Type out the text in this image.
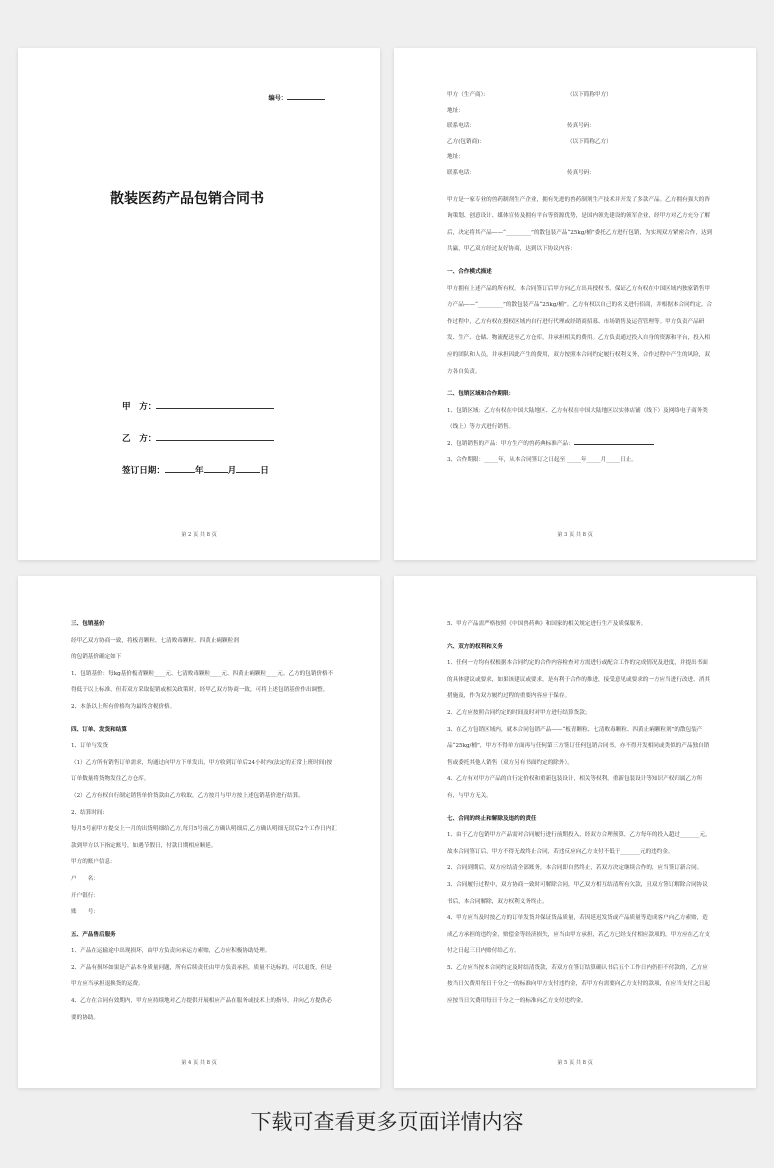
编号：
散装医药产品包销合同书
甲　方：
乙　方：
签订日期：	年	月	日
第 2 页 共 8 页
甲方（生产商）：	（以下简称甲方）
地址：
联系电话：	传真号码：
乙方(包销商)：	（以下简称乙方）
地址：
联系电话：	传真号码：

甲方是一家专业的兽药制剂生产企业，拥有先进的兽药制剂生产技术并开发了多款产品。乙方拥有强大的咨询策划、创意设计、媒体宣传及拥有平台等资源优势，是国内领先建设的领军企业，经甲方对乙方充分了解后，决定将其产品——“_________”的散包装产品“25kg/桶”委托乙方进行包销，为实现双方紧密合作，达到共赢，甲乙双方经过友好协商，达到以下协议内容：

一、合作模式描述

甲方拥有上述产品的所有权。本合同签订后甲方向乙方出具授权书，保证乙方有权在中国区域内独家销售甲方产品——“_________”的散包装产品“25kg/桶”。乙方有权以自己的名义进行招商，并根据本合同约定，合作过程中，乙方有权在授权区域内自行进行代理或经销商招募、市场销售及运营管理等。甲方负责产品研发、生产、仓储、物流配送至乙方仓库，并承担相关的费用。乙方负责通过投入自身的资源和平台，投入相应的团队和人员，并承担因此产生的费用，双方按照本合同约定履行权利义务，合作过程中产生的风险，双方各自负责。

二、包销区域和合作期限：

1、包销区域：乙方有权在中国大陆地区、乙方有权在中国大陆地区以实体店铺（线下）及网络电子商务类（线上）等方式进行销售。

2、包销销售的产品：甲方生产的兽药典标准产品：

3、合作期限：_____年，从本合同签订之日起至 _____年_____月_____日止。

第 3 页 共 8 页

三、包销基价

经甲乙双方协商一致，将板青颗粒、七清败毒颗粒、四黄止痢颗粒剂

的包销基价确定如下

1、包销基价：每kg基价板青颗粒____元、七清败毒颗粒____元、四黄止痢颗粒____元。乙方的包销价格不得低于以上标准，但若双方采取促销或相关政策时，经甲乙双方协商一致，可将上述包销基价作出调整。

2、本条以上所有价格均为最终含税价格。

四、订单、发货和结算

1、订单与发货

（1）乙方所有销售订单需求，均通过向甲方下单发出，甲方收到订单后24小时内(法定的正常上班时间)按订单数量将货物发往乙方仓库。

（2）乙方有权自行制定销售单价货款由乙方收取，乙方按月与甲方按上述包销基价进行结算。

2、结算时间:

每月5号前甲方提交上一月的出货明细给乙方,每月5号前乙方确认明细后,乙方确认明细无误后2个工作日内汇款到甲方以下指定账号，如遇节假日，付款日期相应顺延。

甲方的账户信息:

户　　名：

开户银行：

账　　号：

五、产品售后服务

1、产品在运输途中出现损坏，由甲方负责向承运方索赔，乙方应积极协助处理。

2、产品有损坏如果是产品本身质量问题，所有后续责任由甲方负责承担，质量不达标的，可以退货，但是甲方应当承担退换货的运费。

4、乙方在合同有效期内，甲方应持续地对乙方提供开展相应产品在服务或技术上的指导，并向乙方提供必要的协助。

第 4 页 共 8 页

5、甲方产品需严格按照《中国兽药典》和国家的相关规定进行生产及质保服务。

六、双方的权利和义务

1、任何一方均有权根据本合同约定的合作内容检查对方需进行或配合工作的完成情况及进度，并提出书面的具体建议或要求，如果该建议或要求，是有利于合作的推进，接受意见或要求的一方应当进行改进、消其措施及，作为双方履约过程的重要内容应于保存。

2、乙方应按照合同约定的时间及时对甲方进行结算货款；

3、在乙方包销区域内，就本合同包销产品——“板青颗粒、七清败毒颗粒、四黄止痢颗粒剂”的散包装产品“25kg/桶”，甲方不得单方面再与任何第三方签订任何包销合同书，亦不得开发相同或类似的产品独自销售或委托其他人销售（双方另有书面约定的除外）。

4、乙方有对甲方产品的自行定价权和重新包装设计，相关等权利，重新包装设计等知识产权归属乙方所有，与甲方无关。

七、合同的终止和解除及违约的责任

1、由于乙方包销甲方产品需对合同履行进行前期投入，经双方合理预算，乙方每年的投入超过_______元，故本合同签订后，甲方不得无故终止合同，若违反应向乙方支付不低于_______元的违约金。

2、合同到期后，双方应结清全部账务，本合同即自然终止，若双方决定继续合作的，应当签订新合同。

3、合同履行过程中，双方协商一致时可解除合同，甲乙双方相互结清所有欠款，且双方签订解除合同协议书后，本合同解除，双方权利义务终止。

4、甲方应当及时按乙方的订单发货并保证货品质量，若因延迟发货或产品质量等造成客户向乙方索赔，造成乙方承担的违约金，赔偿金等经济损失，应当由甲方承担，若乙方已经支付相应款项的，甲方应在乙方支付之日起三日内赔付给乙方。

5、乙方应当按本合同约定及时结清货款，若双方在签订结算确认书后五个工作日内仍拒不付款的，乙方应按当日欠费用每日千分之一的标准向甲方支付违约金，若甲方有需要向乙方支付的款项，在应当支付之日起应按当日欠费用每日千分之一的标准向乙方支付违约金。

第 5 页 共 8 页
下载可查看更多页面详情内容
